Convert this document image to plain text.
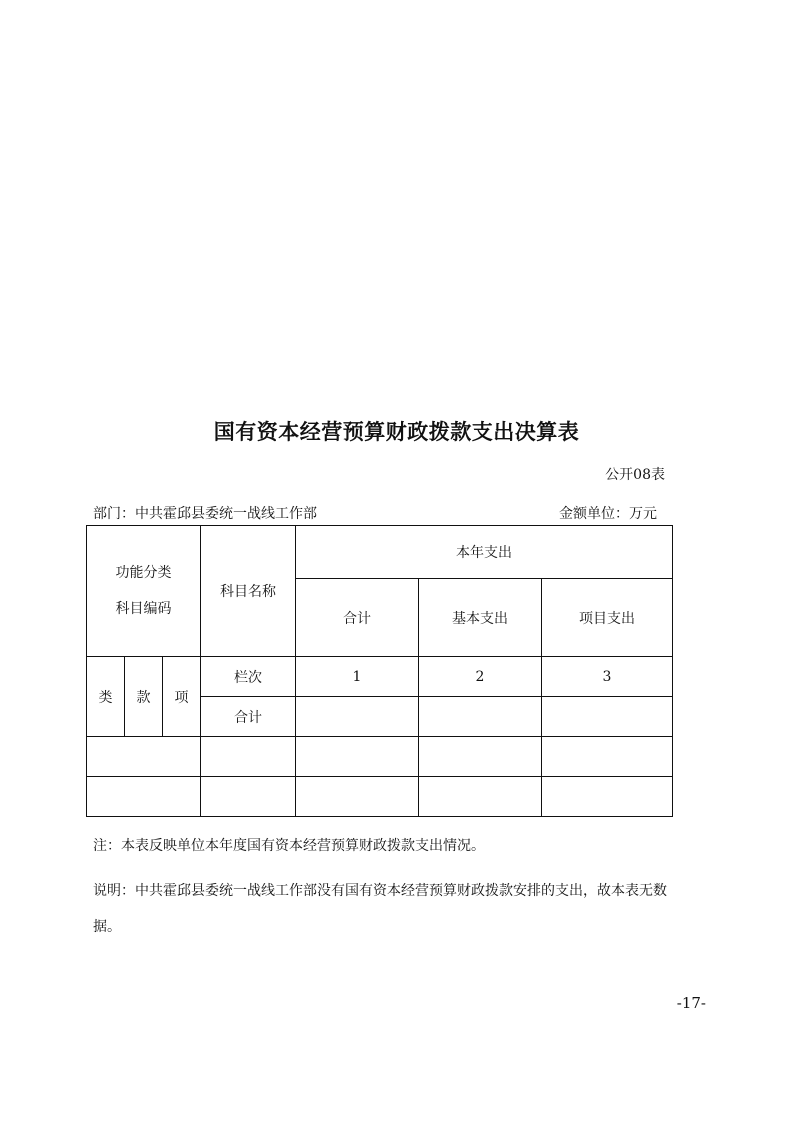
国有资本经营预算财政拨款支出决算表
公开08表
部门：中共霍邱县委统一战线工作部	金额单位：万元
功能分类
科目编码			科目名称	本年支出		
				合计	基本支出	项目支出
类	款	项	栏次	1	2	3
			合计			

注：本表反映单位本年度国有资本经营预算财政拨款支出情况。
说明：中共霍邱县委统一战线工作部没有国有资本经营预算财政拨款安排的支出，故本表无数据。
-17-
